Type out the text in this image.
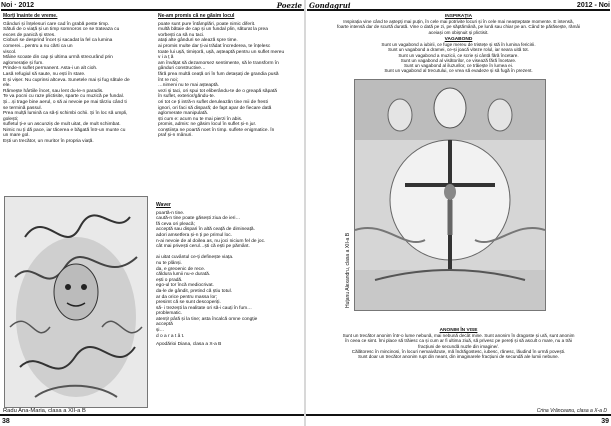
Noi · 2012	Poezie
Morți înainte de vreme.

Gânduri și înțelesuri care cad în grabă peste timp.
Sătuli de o viață și un timp somnoros ce se trateaza cu
exces de panică și stres.
Cioburi se desprind încet și sacadat la fel ca lumina
comerei…pentru a nu cărti ca un
viscol.
Mâine scoate din cap și ultima urmă strecurând prin
aglomerație și fum.
Prinde-n suflet permanent. Asta-i un alt cioh.
Lasă refugiul să saute, nu ești în stare.
E și vișer. Nu cuprinsi altceva. Sunetele mai și fug sătule de
ele.
Rămește hârtiile încet, sau lent du-le-n paradis.
Te va pocni cu raze plictisite, sparte cu muzică pe fundal.
Și…și trage bine aerul, o să ai nevoie pe mai târziu când ti
se termină passul.
Prea mulță lumină ca să-ți schimbi ochii. Și în loc să umpli,
golești;
sufletul ți-e un ascunziș de mult uitat, de mult schimbat.
Nimic nu ți dă pace, iar tăcerea e băgată într-un munte cu
un mare gol.
Ești un trecător, un muritor în propria viață.

Ne-am promis că ne găsim locul

poate sunt pure întâmplări, poate nimic diferit.
multă bătaie de cap și un fundal plin, săturat la prea
vorbești ca să nu taci.
atați alte gânduri se alează spre time.
ai promis multe dar ți-ai trădat încrederea, te înțelesc
toate lui ușă, timișoră, ușă, așteaptă pentru un suflet mereu
v i a ț ă
am învățat să dezamorsez sentimente, să le transform în
gânduri constructive…
fără prea multă ceață ori în fum detașați de grandia pusă
înt re noi;
…nimeni nu te mai așteaptă.
vezi și taci, ori spui tot eliberându-te de o greapă săpată
în suflet, exterior/găndu-te.
ori tot ce ți intră-n suflet deruleazăn tine mii de fresti
ignori, ori faci să dispară; de fapt apar de fiecare dată
aglomerate manipulată.
ști cum e: acum nu te mai pierzi în abis.
promis, admis: ne găsim locul în suflet și-n jur.
conștiința ne poartă noet în timp. suflete enigmatice. În
praf și-n mânuri.

Waver

poartă-n tine.
caută-n tine poate găsești ziua de ieri…
fă ceva ori pleacă;
acceptă sau dispari în altă ceață de dimineață.
adori amsetfera și-n ți pe primul loc.
n-ai nevoie de al doilea as, nu joci nicium fel de joc.
cât mai privești cerul…ști că ești pe pământ.

ai uitat cuvântul ce-ți definește viața.
nu te plânși.
da, e greoenic de rece.
căldura lumii nu-e durată.
ești o pradă.
ego-ul tor încă mediocrivat.
da-le de gândit, pretind că știu totul.
ar da orice pentru massa lor;
presimt că se sunt descoperiți.
să- i trezești la realitate ori să-i cauți în fum…
problematic.
atenți! pâră și la tine; asta încalcă omne congție
acceptă
și…
d o a r a t â t.

Apodărioi Diana, clasa a X-a B

Radu Ana-Maria, clasa a XII-a B
38
Gondagrui	2012 - Noi
INSPIRAȚIA

Inspirația vine când te aștepți mai puțin, în cele mai potrivite locuri și în cele mai neașteptate momente. E intensă,
foarte intensă dar de scurtă durată. Vine o dată pe zi, pe săptămână, pe lună sau chiar pe an. Când te părăsește, rămâi
aceiași om obișnuit și plictisit.

VAGABOND

Sunt un vagabond a iubirii, ce fuge mereu de tristețe și stă în lumina fericirii.
Sunt un vagabond a dramei, ce-și joacă viteze rolul, iar seara uită tot.
Sunt un vagabond a muzicii, ce scrie și cântă fără încetare.
Sunt un vagabond al visătorilor, ce visează fără încetare.
Sunt un vagabond al iluzurilor, ce trăiește în lumea ei.
Sunt un vagabond al trecutului, ce vrea să evadeze și să fugă în prezent.

Huțanu Alexandru, clasa a XII-a B
ANONIM ÎN VISE

Sunt un trecător anonim într-o lume nebună, mai nebună decât mine. Sunt anonim în dragoste și ură, sunt anonim
în ceea ce simt. Îmi place să trăiesc ca și cum ar fi ultima ziuă, să privesc pe pereți și să ascult o mare, nu a trăi
fracțiuni de secundă nuzle din imagine/.
Călătoresc în mincinosi, în locuri nemaivăzute, mă îndrăgostesc, iubesc, rănesc, lăudind în urmă povești.
Sunt doar un trecător anonim rupt din neant, din imaginarele fracțiuni de secundă ale lumii nebune.

Crina Vrânceanu, clasa a X-a D
39
